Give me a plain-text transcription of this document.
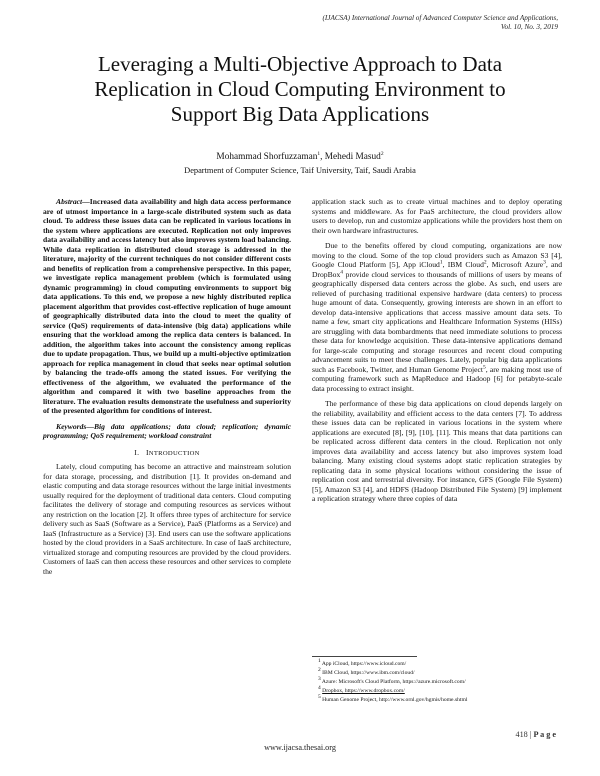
(IJACSA) International Journal of Advanced Computer Science and Applications,
Vol. 10, No. 3, 2019
Leveraging a Multi-Objective Approach to Data
Replication in Cloud Computing Environment to
Support Big Data Applications
Mohammad Shorfuzzaman$^1$, Mehedi Masud$^2$
Department of Computer Science, Taif University, Taif, Saudi Arabia

Abstract—Increased data availability and high data access performance are of utmost importance in a large-scale distributed system such as data cloud. To address these issues data can be replicated in various locations in the system where applications are executed. Replication not only improves data availability and access latency but also improves system load balancing. While data replication in distributed cloud storage is addressed in the literature, majority of the current techniques do not consider different costs and benefits of replication from a comprehensive perspective. In this paper, we investigate replica management problem (which is formulated using dynamic programming) in cloud computing environments to support big data applications. To this end, we propose a new highly distributed replica placement algorithm that provides cost-effective replication of huge amount of geographically distributed data into the cloud to meet the quality of service (QoS) requirements of data-intensive (big data) applications while ensuring that the workload among the replica data centers is balanced. In addition, the algorithm takes into account the consistency among replicas due to update propagation. Thus, we build up a multi-objective optimization approach for replica management in cloud that seeks near optimal solution by balancing the trade-offs among the stated issues. For verifying the effectiveness of the algorithm, we evaluated the performance of the algorithm and compared it with two baseline approaches from the literature. The evaluation results demonstrate the usefulness and superiority of the presented algorithm for conditions of interest.

Keywords—Big data applications; data cloud; replication; dynamic programming; QoS requirement; workload constraint

I. INTRODUCTION

Lately, cloud computing has become an attractive and mainstream solution for data storage, processing, and distribution [1]. It provides on-demand and elastic computing and data storage resources without the large initial investments usually required for the deployment of traditional data centers. Cloud computing facilitates the delivery of storage and computing resources as services without any restriction on the location [2]. It offers three types of architecture for service delivery such as SaaS (Software as a Service), PaaS (Platforms as a Service) and IaaS (Infrastructure as a Service) [3]. End users can use the software applications hosted by the cloud providers in a SaaS architecture. In case of IaaS architecture, virtualized storage and computing resources are provided by the cloud providers. Customers of IaaS can then access these resources and other services to complete the

application stack such as to create virtual machines and to deploy operating systems and middleware. As for PaaS architecture, the cloud providers allow users to develop, run and customize applications while the providers host them on their own hardware infrastructures.

Due to the benefits offered by cloud computing, organizations are now moving to the cloud. Some of the top cloud providers such as Amazon S3 [4], Google Cloud Platform [5], App iCloud$^1$, IBM Cloud$^2$, Microsoft Azure$^3$, and DropBox$^4$ provide cloud services to thousands of millions of users by means of geographically dispersed data centers across the globe. As such, end users are relieved of purchasing traditional expensive hardware (data centers) to process huge amount of data. Consequently, growing interests are shown in an effort to develop data-intensive applications that access massive amount data sets. To name a few, smart city applications and Healthcare Information Systems (HISs) are struggling with data bombardments that need immediate solutions to process these data for knowledge acquisition. These data-intensive applications demand for large-scale computing and storage resources and recent cloud computing advancement suits to meet these challenges. Lately, popular big data applications such as Facebook, Twitter, and Human Genome Project$^5$, are making most use of computing framework such as MapReduce and Hadoop [6] for petabyte-scale data processing to extract insight.

The performance of these big data applications on cloud depends largely on the reliability, availability and efficient access to the data centers [7]. To address these issues data can be replicated in various locations in the system where applications are executed [8], [9], [10], [11]. This means that data partitions can be replicated across different data centers in the cloud. Replication not only improves data availability and access latency but also improves system load balancing. Many existing cloud systems adopt static replication strategies by replicating data in some physical locations without considering the issue of replication cost and terrestrial diversity. For instance, GFS (Google File System) [5], Amazon S3 [4], and HDFS (Hadoop Distributed File System) [9] implement a replication strategy where three copies of data

$^1$ App iCloud, https://www.icloud.com/
$^2$ IBM Cloud, https://www.ibm.com/cloud/
$^3$ Azure: Microsoft's Cloud Platform, https://azure.microsoft.com/
$^4$ Dropbox, https://www.dropbox.com/
$^5$ Human Genome Project, http://www.ornl.gov/hgmis/home.shtml
418 | P a g e
www.ijacsa.thesai.org
